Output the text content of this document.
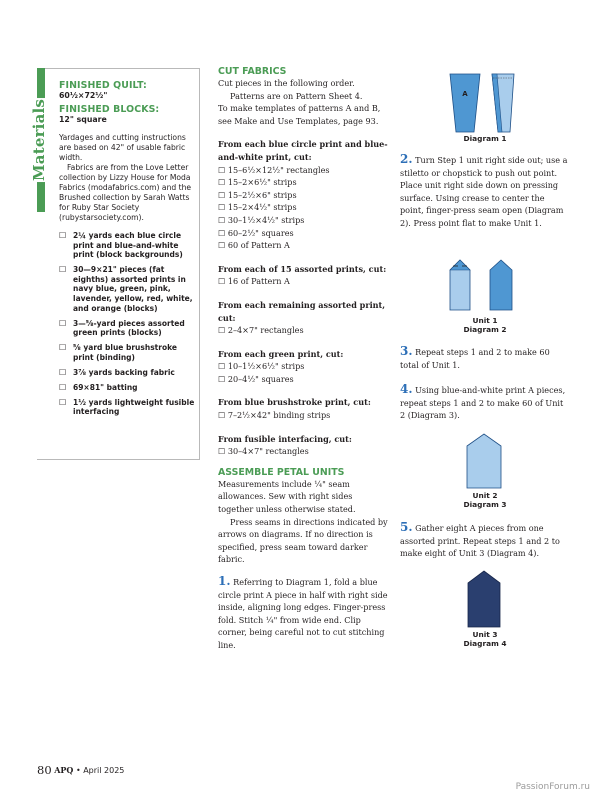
Materials
FINISHED QUILT:
60½×72½"
FINISHED BLOCKS:
12" square

Yardages and cutting instructions are based on 42" of usable fabric width.

Fabrics are from the Love Letter collection by Lizzy House for Moda Fabrics (modafabrics.com) and the Brushed collection by Sarah Watts for Ruby Star Society (rubystarsociety.com).

☐ 2¼ yards each blue circle print and blue-and-white print (block backgrounds)
☐ 30—9×21" pieces (fat eighths) assorted prints in navy blue, green, pink, lavender, yellow, red, white, and orange (blocks)
☐ 3—⅝-yard pieces assorted green prints (blocks)
☐ ⅝ yard blue brushstroke print (binding)
☐ 3⅞ yards backing fabric
☐ 69×81" batting
☐ 1½ yards lightweight fusible interfacing
CUT FABRICS

Cut pieces in the following order.

Patterns are on Pattern Sheet 4.

To make templates of patterns A and B, see Make and Use Templates, page 93.

From each blue circle print and blue-and-white print, cut:
☐ 15–6½×12½" rectangles
☐ 15–2×6½" strips
☐ 15–2½×6" strips
☐ 15–2×4½" strips
☐ 30–1½×4½" strips
☐ 60–2½" squares
☐ 60 of Pattern A
From each of 15 assorted prints, cut:
☐ 16 of Pattern A
From each remaining assorted print, cut:
☐ 2–4×7" rectangles
From each green print, cut:
☐ 10–1½×6½" strips
☐ 20–4½" squares
From blue brushstroke print, cut:
☐ 7–2½×42" binding strips
From fusible interfacing, cut:
☐ 30–4×7" rectangles
ASSEMBLE PETAL UNITS

Measurements include ¼" seam allowances. Sew with right sides together unless otherwise stated.

Press seams in directions indicated by arrows on diagrams. If no direction is specified, press seam toward darker fabric.

1. Referring to Diagram 1, fold a blue circle print A piece in half with right side inside, aligning long edges. Finger-press fold. Stitch ¼" from wide end. Clip corner, being careful not to cut stitching line.
A
Diagram 1
2. Turn Step 1 unit right side out; use a stiletto or chopstick to push out point. Place unit right side down on pressing surface. Using crease to center the point, finger-press seam open (Diagram 2). Press point flat to make Unit 1.
Unit 1
Diagram 2
3. Repeat steps 1 and 2 to make 60 total of Unit 1.
4. Using blue-and-white print A pieces, repeat steps 1 and 2 to make 60 of Unit 2 (Diagram 3).
Unit 2
Diagram 3
5. Gather eight A pieces from one assorted print. Repeat steps 1 and 2 to make eight of Unit 3 (Diagram 4).
Unit 3
Diagram 4
80 APQ • April 2025
PassionForum.ru
